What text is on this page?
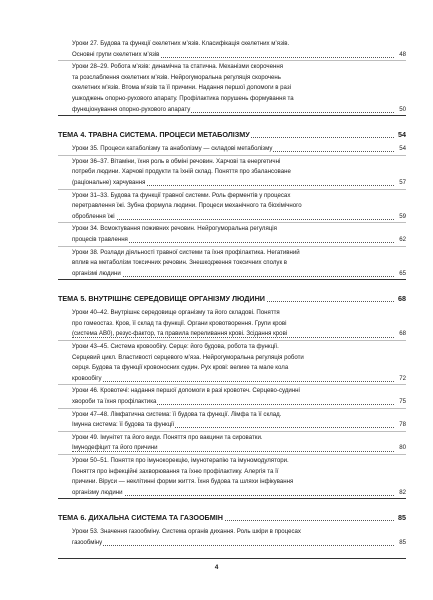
Уроки 27. Будова та функції скелетних м’язів. Класифікація скелетних м’язів.
Основні групи скелетних м’язів	48
Уроки 28–29. Робота м’язів: динамічна та статична. Механізми скорочення
та розслаблення скелетних м’язів. Нейрогуморальна регуляція скорочень
скелетних м’язів. Втома м’язів та її причини. Надання першої допомоги в разі
ушкоджень опорно-рухового апарату. Профілактика порушень формування та
функціонування опорно-рухового апарату	50
ТЕМА 4. ТРАВНА СИСТЕМА. ПРОЦЕСИ МЕТАБОЛІЗМУ	54
Уроки 35. Процеси катаболізму та анаболізму — складові метаболізму	54
Уроки 36–37. Вітаміни, їхня роль в обміні речовин. Харчові та енергетичні
потреби людини. Харчові продукти та їхній склад. Поняття про збалансоване
(раціональне) харчування	57
Уроки 31–33. Будова та функції травної системи. Роль ферментів у процесах
перетравлення їжі. Зубна формула людини. Процеси механічного та біохімічного
оброблення їжі	59
Уроки 34. Всмоктування поживних речовин. Нейрогуморальна регуляція
процесів травлення	62
Уроки 38. Розлади діяльності травної системи та їхня профілактика. Негативний
вплив на метаболізм токсичних речовин. Знешкодження токсичних сполук в
організмі людини	65
ТЕМА 5. ВНУТРІШНЄ СЕРЕДОВИЩЕ ОРГАНІЗМУ ЛЮДИНИ	68
Уроки 40–42. Внутрішнє середовище організму та його складові. Поняття
про гомеостаз. Кров, її склад та функції. Органи кровотворення. Групи крові
(система АВ0), резус-фактор, та правила переливання крові. Зсідання крові	68
Уроки 43–45. Система кровообігу. Серце: його будова, робота та функції.
Серцевий цикл. Властивості серцевого м’яза. Нейрогуморальна регуляція роботи
серця. Будова та функції кровоносних судин. Рух крові: велике та мале кола
кровообігу	72
Уроки 46. Кровотечі: надання першої допомоги в разі кровотеч. Серцево-судинні
хвороби та їхня профілактика	75
Уроки 47–48. Лімфатична система: її будова та функції. Лімфа та її склад.
Імунна система: її будова та функції	78
Уроки 49. Імунітет та його види. Поняття про вакцини та сироватки.
Імунодефіцит та його причини	80
Уроки 50–51. Поняття про імунокорекцію, імунотерапію та імуномодулятори.
Поняття про інфекційні захворювання та їхню профілактику. Алергія та її
причини. Віруси — неклітинні форми життя. Їхня будова та шляхи інфікування
організму людини	82
ТЕМА 6. ДИХАЛЬНА СИСТЕМА ТА ГАЗООБМІН	85
Уроки 53. Значення газообміну. Система органів дихання. Роль шкіри в процесах
газообміну	85
4
